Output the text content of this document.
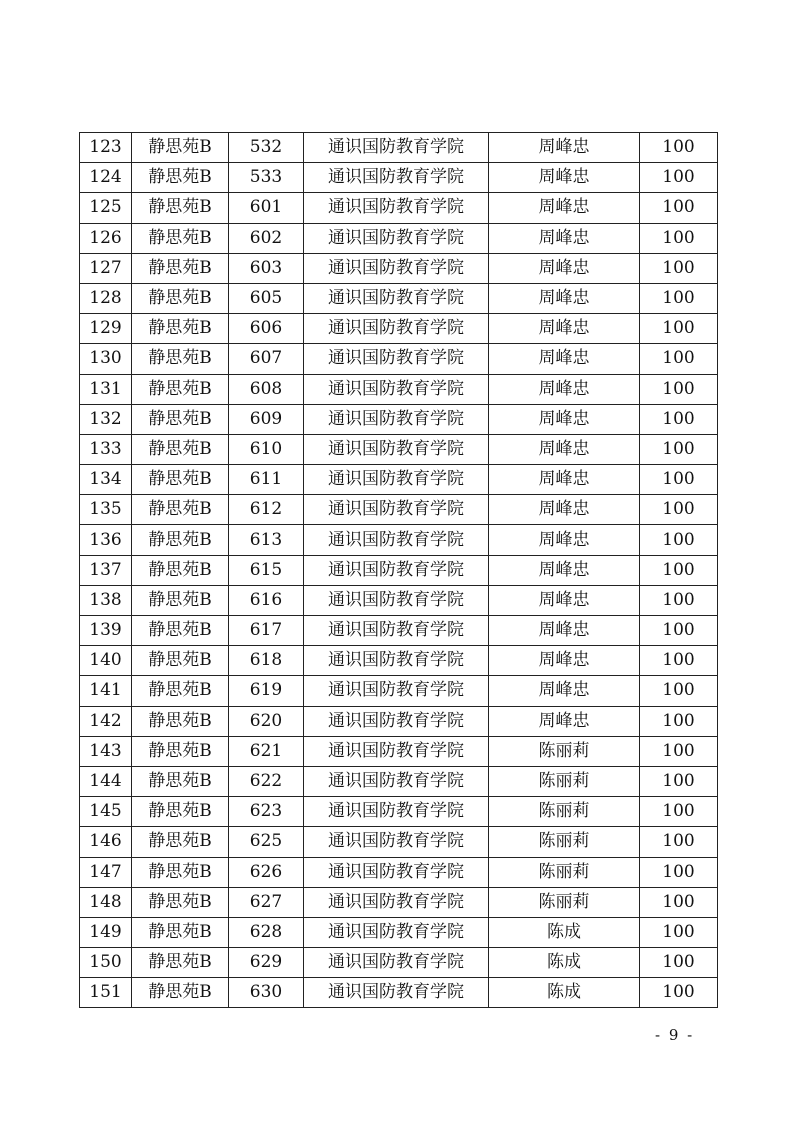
123	静思苑B	532	通识国防教育学院	周峰忠	100
124	静思苑B	533	通识国防教育学院	周峰忠	100
125	静思苑B	601	通识国防教育学院	周峰忠	100
126	静思苑B	602	通识国防教育学院	周峰忠	100
127	静思苑B	603	通识国防教育学院	周峰忠	100
128	静思苑B	605	通识国防教育学院	周峰忠	100
129	静思苑B	606	通识国防教育学院	周峰忠	100
130	静思苑B	607	通识国防教育学院	周峰忠	100
131	静思苑B	608	通识国防教育学院	周峰忠	100
132	静思苑B	609	通识国防教育学院	周峰忠	100
133	静思苑B	610	通识国防教育学院	周峰忠	100
134	静思苑B	611	通识国防教育学院	周峰忠	100
135	静思苑B	612	通识国防教育学院	周峰忠	100
136	静思苑B	613	通识国防教育学院	周峰忠	100
137	静思苑B	615	通识国防教育学院	周峰忠	100
138	静思苑B	616	通识国防教育学院	周峰忠	100
139	静思苑B	617	通识国防教育学院	周峰忠	100
140	静思苑B	618	通识国防教育学院	周峰忠	100
141	静思苑B	619	通识国防教育学院	周峰忠	100
142	静思苑B	620	通识国防教育学院	周峰忠	100
143	静思苑B	621	通识国防教育学院	陈丽莉	100
144	静思苑B	622	通识国防教育学院	陈丽莉	100
145	静思苑B	623	通识国防教育学院	陈丽莉	100
146	静思苑B	625	通识国防教育学院	陈丽莉	100
147	静思苑B	626	通识国防教育学院	陈丽莉	100
148	静思苑B	627	通识国防教育学院	陈丽莉	100
149	静思苑B	628	通识国防教育学院	陈成	100
150	静思苑B	629	通识国防教育学院	陈成	100
151	静思苑B	630	通识国防教育学院	陈成	100
- 9 -
